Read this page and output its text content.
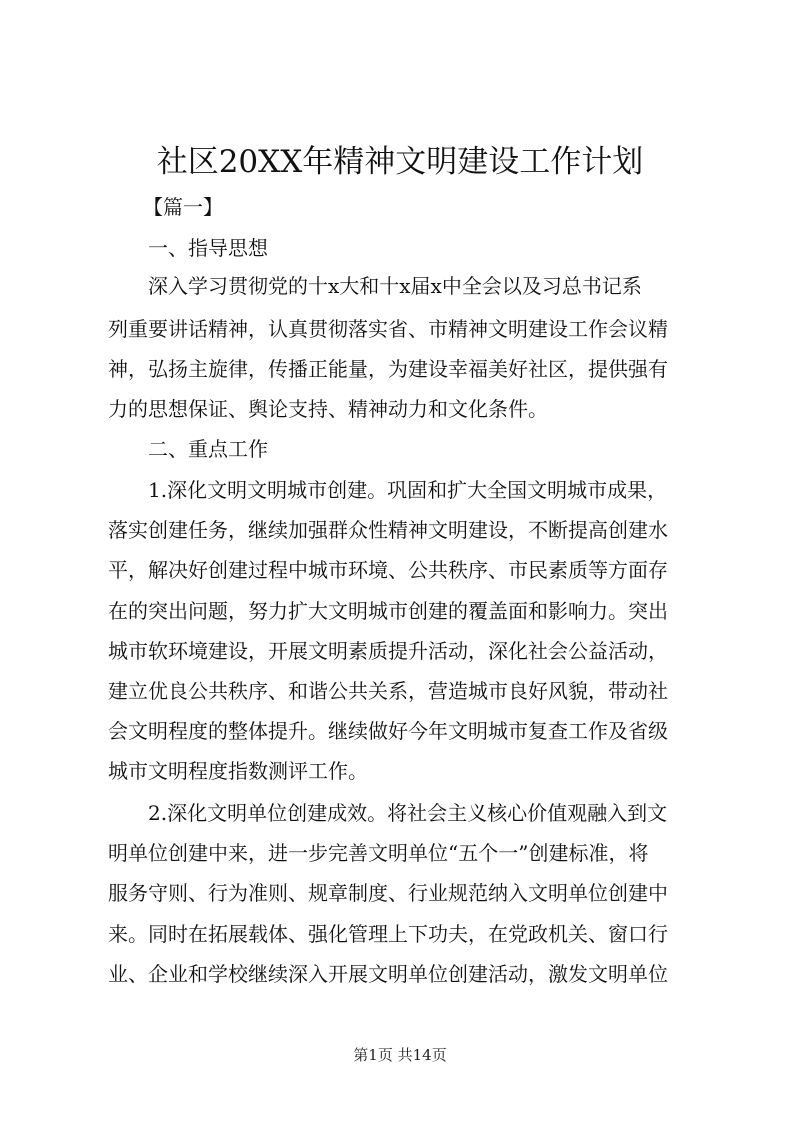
社区20XX年精神文明建设工作计划
【篇一】
一、指导思想
深入学习贯彻党的十x大和十x届x中全会以及习总书记系
列重要讲话精神，认真贯彻落实省、市精神文明建设工作会议精
神，弘扬主旋律，传播正能量，为建设幸福美好社区，提供强有
力的思想保证、舆论支持、精神动力和文化条件。
二、重点工作
1.深化文明文明城市创建。巩固和扩大全国文明城市成果，
落实创建任务，继续加强群众性精神文明建设，不断提高创建水
平，解决好创建过程中城市环境、公共秩序、市民素质等方面存
在的突出问题，努力扩大文明城市创建的覆盖面和影响力。突出
城市软环境建设，开展文明素质提升活动，深化社会公益活动，
建立优良公共秩序、和谐公共关系，营造城市良好风貌，带动社
会文明程度的整体提升。继续做好今年文明城市复查工作及省级
城市文明程度指数测评工作。
2.深化文明单位创建成效。将社会主义核心价值观融入到文
明单位创建中来，进一步完善文明单位“五个一”创建标准，将
服务守则、行为准则、规章制度、行业规范纳入文明单位创建中
来。同时在拓展载体、强化管理上下功夫，在党政机关、窗口行
业、企业和学校继续深入开展文明单位创建活动，激发文明单位
第1页 共14页
